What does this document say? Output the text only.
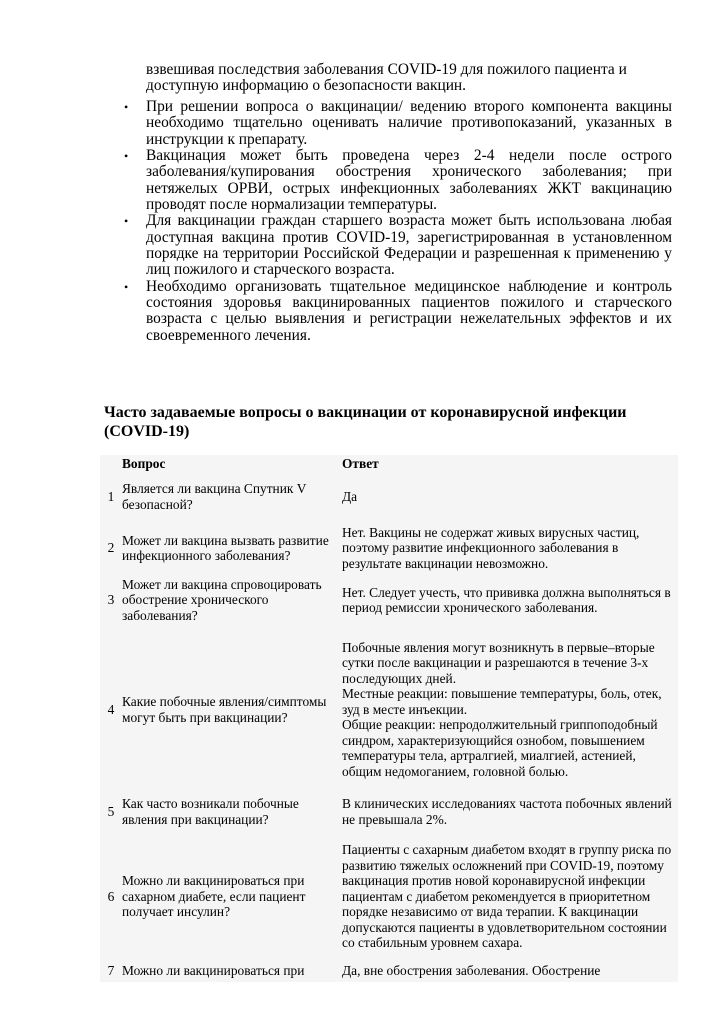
взвешивая последствия заболевания COVID-19 для пожилого пациента и
доступную информацию о безопасности вакцин.
• При решении вопроса о вакцинации/ ведению второго компонента вакцины необходимо тщательно оценивать наличие противопоказаний, указанных в инструкции к препарату.
• Вакцинация может быть проведена через 2-4 недели после острого заболевания/купирования обострения хронического заболевания; при нетяжелых ОРВИ, острых инфекционных заболеваниях ЖКТ вакцинацию проводят после нормализации температуры.
• Для вакцинации граждан старшего возраста может быть использована любая доступная вакцина против COVID-19, зарегистрированная в установленном порядке на территории Российской Федерации и разрешенная к применению у лиц пожилого и старческого возраста.
• Необходимо организовать тщательное медицинское наблюдение и контроль состояния здоровья вакцинированных пациентов пожилого и старческого возраста с целью выявления и регистрации нежелательных эффектов и их своевременного лечения.
Часто задаваемые вопросы о вакцинации от коронавирусной инфекции (COVID-19)
Вопрос	Ответ
1
Является ли вакцина Спутник V безопасной?
Да
2
Может ли вакцина вызвать развитие инфекционного заболевания?
Нет. Вакцины не содержат живых вирусных частиц, поэтому развитие инфекционного заболевания в результате вакцинации невозможно.
3
Может ли вакцина спровоцировать обострение хронического заболевания?
Нет. Следует учесть, что прививка должна выполняться в период ремиссии хронического заболевания.
4
Какие побочные явления/симптомы могут быть при вакцинации?
Побочные явления могут возникнуть в первые–вторые сутки после вакцинации и разрешаются в течение 3-х последующих дней.
Местные реакции: повышение температуры, боль, отек, зуд в месте инъекции.
Общие реакции: непродолжительный гриппоподобный синдром, характеризующийся ознобом, повышением температуры тела, артралгией, миалгией, астенией, общим недомоганием, головной болью.
5
Как часто возникали побочные явления при вакцинации?
В клинических исследованиях частота побочных явлений не превышала 2%.
6
Можно ли вакцинироваться при сахарном диабете, если пациент получает инсулин?
Пациенты с сахарным диабетом входят в группу риска по развитию тяжелых осложнений при COVID-19, поэтому вакцинация против новой коронавирусной инфекции пациентам с диабетом рекомендуется в приоритетном порядке независимо от вида терапии. К вакцинации допускаются пациенты в удовлетворительном состоянии со стабильным уровнем сахара.
7 Можно ли вакцинироваться при	Да, вне обострения заболевания. Обострение
